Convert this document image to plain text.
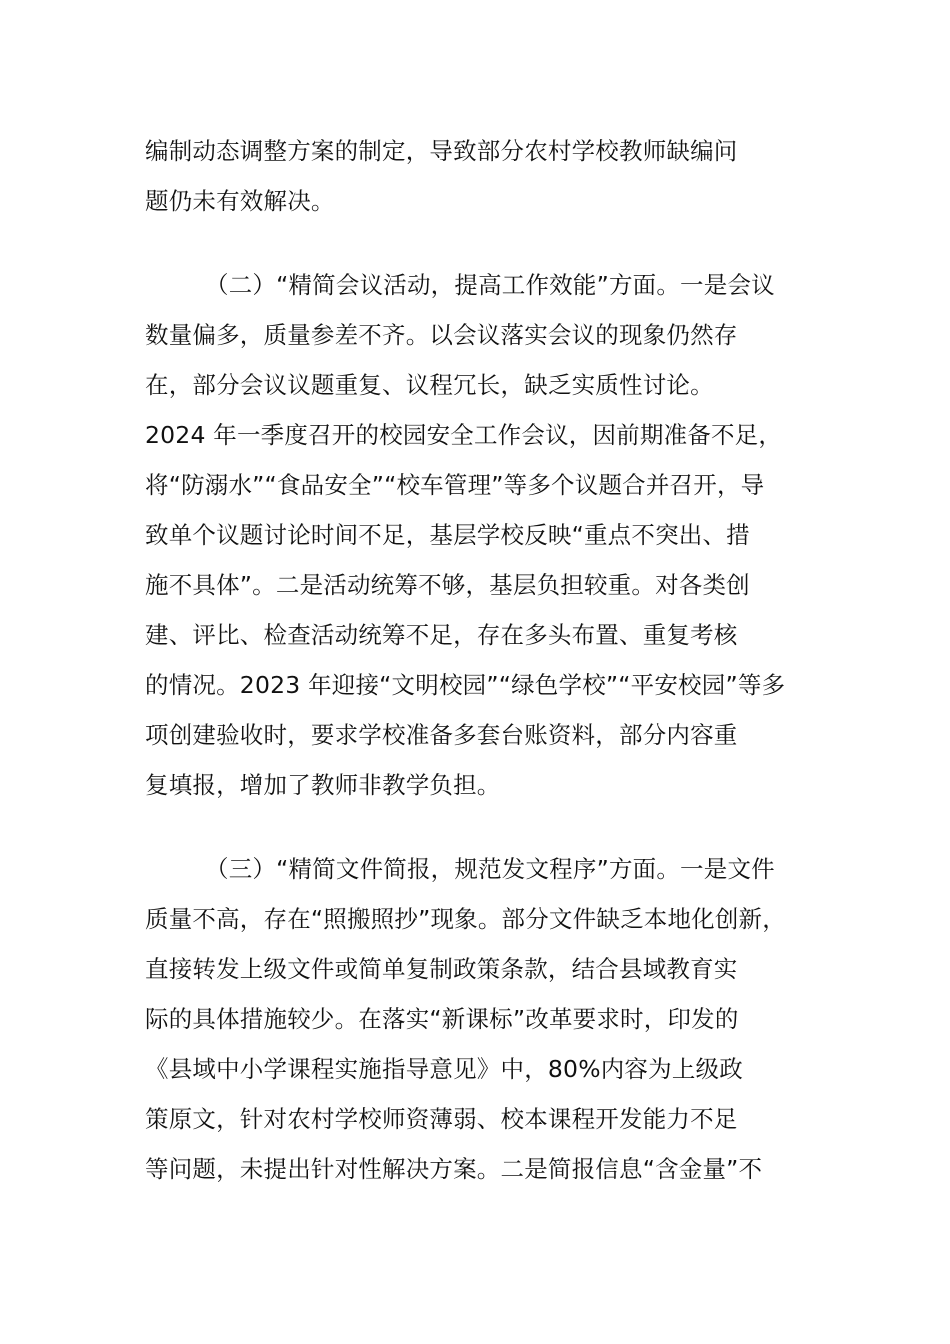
编制动态调整方案的制定，导致部分农村学校教师缺编问
题仍未有效解决。
（二）“精简会议活动，提高工作效能”方面。一是会议
数量偏多，质量参差不齐。以会议落实会议的现象仍然存
在，部分会议议题重复、议程冗长，缺乏实质性讨论。
2024 年一季度召开的校园安全工作会议，因前期准备不足，
将“防溺水”“食品安全”“校车管理”等多个议题合并召开，导
致单个议题讨论时间不足，基层学校反映“重点不突出、措
施不具体”。二是活动统筹不够，基层负担较重。对各类创
建、评比、检查活动统筹不足，存在多头布置、重复考核
的情况。2023 年迎接“文明校园”“绿色学校”“平安校园”等多
项创建验收时，要求学校准备多套台账资料，部分内容重
复填报，增加了教师非教学负担。
（三）“精简文件简报，规范发文程序”方面。一是文件
质量不高，存在“照搬照抄”现象。部分文件缺乏本地化创新，
直接转发上级文件或简单复制政策条款，结合县域教育实
际的具体措施较少。在落实“新课标”改革要求时，印发的
《县域中小学课程实施指导意见》中，80%内容为上级政
策原文，针对农村学校师资薄弱、校本课程开发能力不足
等问题，未提出针对性解决方案。二是简报信息“含金量”不
